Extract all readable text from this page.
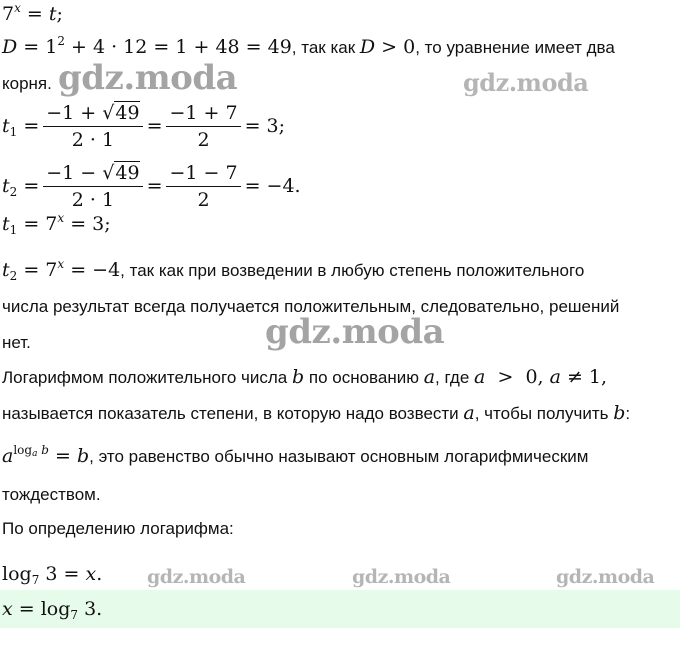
$7^x = t$;
$D = 1^2 + 4 \cdot 12 = 1 + 48 = 49$, так как D > 0, то уравнение имеет два
корня.
$t_1 = \frac{-1 + √49}{2 \cdot 1} = \frac{-1 + 7}{2} = 3$;
$t_2 = \frac{-1 - √49}{2 \cdot 1} = \frac{-1 - 7}{2} = -4$.
$t_1 = 7^x = 3$;
$t_2 = 7^x = -4$, так как при возведении в любую степень положительного
числа результат всегда получается положительным, следовательно, решений
нет.
Логарифмом положительного числа b по основанию a, где a  >  0, a ≠ 1,
называется показатель степени, в которую надо возвести a, чтобы получить b:
$a^{loga b} = b$, это равенство обычно называют основным логарифмическим
тождеством.
По определению логарифма:
$\log_7 3 = x$.
$x = \log_7 3$.
gdz.moda	gdz.moda
gdz.moda
gdz.moda	gdz.moda	gdz.moda
